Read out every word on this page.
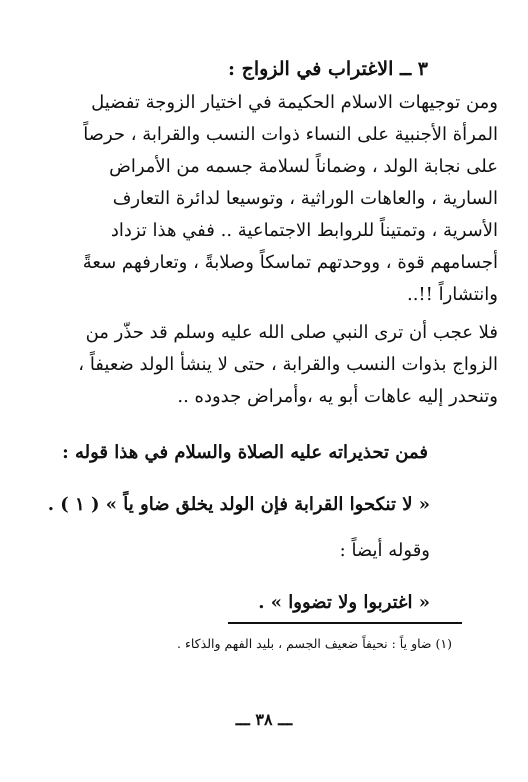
٣ ــ الاغتراب في الزواج :
ومن توجيهات الاسلام الحكيمة في اختيار الزوجة تفضيل
المرأة الأجنبية على النساء ذوات النسب والقرابة ، حرصاً
على نجابة الولد ، وضماناً لسلامة جسمه من الأمراض
السارية ، والعاهات الوراثية ، وتوسيعا لدائرة التعارف
الأسرية ، وتمتيناً للروابط الاجتماعية .. ففي هذا تزداد
أجسامهم قوة ، ووحدتهم تماسكاً وصلابةً ، وتعارفهم سعةً
وانتشاراً !!..
فلا عجب أن ترى النبي صلى الله عليه وسلم قد حذّر من
الزواج بذوات النسب والقرابة ، حتى لا ينشأ الولد ضعيفاً ،
وتنحدر إليه عاهات أبو يه ،وأمراض جدوده ..
فمن تحذيراته عليه الصلاة والسلام في هذا قوله :
« لا تنكحوا القرابة فإن الولد يخلق ضاو ياً » ( ١ ) .
وقوله أيضاً :
« اغتربوا ولا تضووا » .
(١) ضاو ياً : نحيفاً ضعيف الجسم ، بليد الفهم والذكاء .
ـــ ٣٨ ـــ
